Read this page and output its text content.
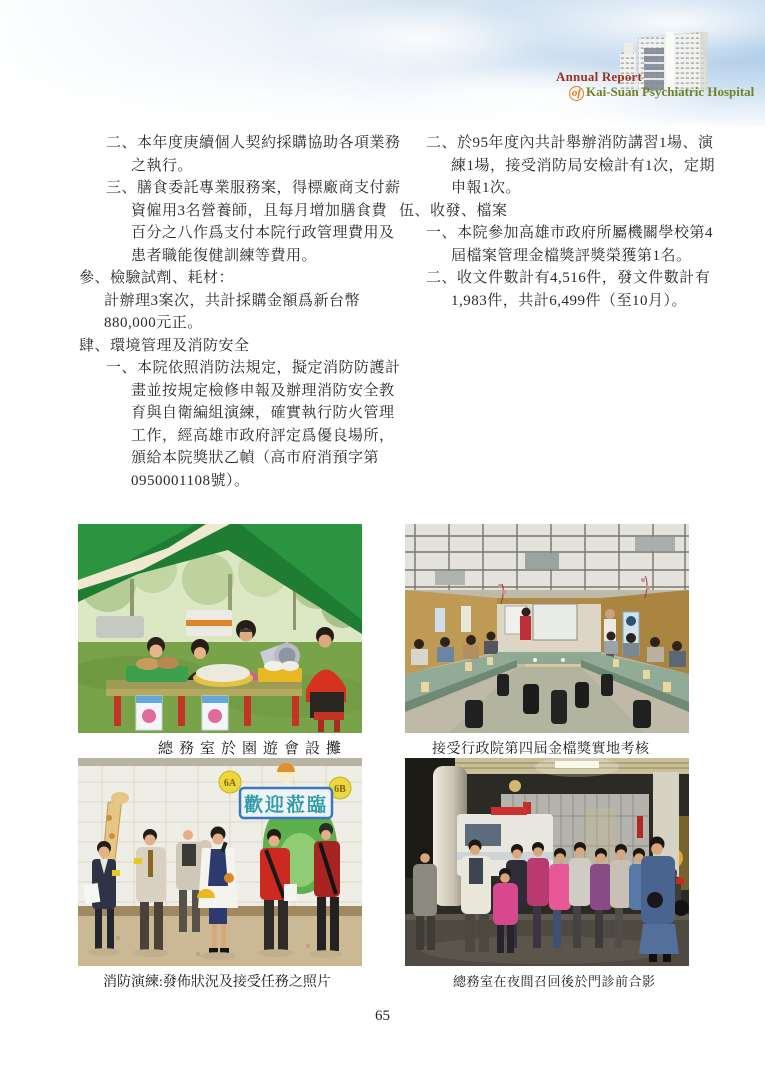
Annual Report
of Kai-Suan Psychiatric Hospital
二、本年度庚續個人契約採購協助各項業務
之執行。
三、膳食委託專業服務案，得標廠商支付薪
資僱用3名營養師，且每月增加膳食費
百分之八作爲支付本院行政管理費用及
患者職能復健訓練等費用。
參、檢驗試劑、耗材：
計辦理3案次，共計採購金額爲新台幣
880,000元正。
肆、環境管理及消防安全
一、本院依照消防法規定，擬定消防防護計
畫並按規定檢修申報及辦理消防安全教
育與自衛編組演練，確實執行防火管理
工作，經高雄市政府評定爲優良場所，
頒給本院獎狀乙幀（高市府消預字第
0950001108號）。
二、於95年度內共計舉辦消防講習1場、演
練1場，接受消防局安檢計有1次，定期
申報1次。
伍、收發、檔案
一、本院參加高雄市政府所屬機關學校第4
屆檔案管理金檔獎評獎榮獲第1名。
二、收文件數計有4,516件，發文件數計有
1,983件，共計6,499件（至10月）。
6A
6B
歡迎蒞臨
總務室於園遊會設攤	接受行政院第四屆金檔獎實地考核
消防演練:發佈狀況及接受任務之照片	總務室在夜間召回後於門診前合影
65
